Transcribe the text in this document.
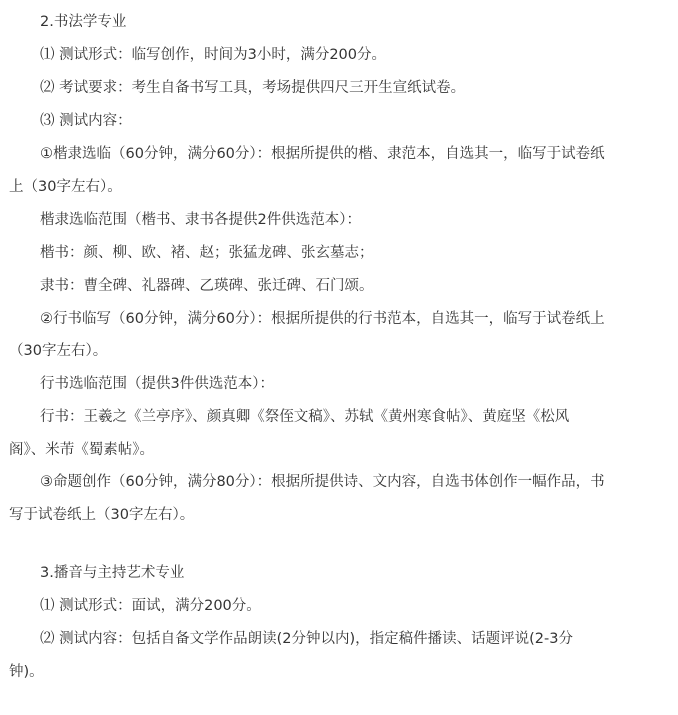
2.书法学专业
⑴ 测试形式：临写创作，时间为3小时，满分200分。
⑵ 考试要求：考生自备书写工具，考场提供四尺三开生宣纸试卷。
⑶ 测试内容：
①楷隶选临（60分钟，满分60分）：根据所提供的楷、隶范本，自选其一，临写于试卷纸
上（30字左右）。
楷隶选临范围（楷书、隶书各提供2件供选范本）：
楷书：颜、柳、欧、褚、赵；张猛龙碑、张玄墓志；
隶书：曹全碑、礼器碑、乙瑛碑、张迁碑、石门颂。
②行书临写（60分钟，满分60分）：根据所提供的行书范本，自选其一，临写于试卷纸上
（30字左右）。
行书选临范围（提供3件供选范本）：
行书：王羲之《兰亭序》、颜真卿《祭侄文稿》、苏轼《黄州寒食帖》、黄庭坚《松风
阁》、米芾《蜀素帖》。
③命题创作（60分钟，满分80分）：根据所提供诗、文内容，自选书体创作一幅作品，书
写于试卷纸上（30字左右）。
3.播音与主持艺术专业
⑴ 测试形式：面试，满分200分。
⑵ 测试内容：包括自备文学作品朗读(2分钟以内)，指定稿件播读、话题评说(2-3分
钟)。
